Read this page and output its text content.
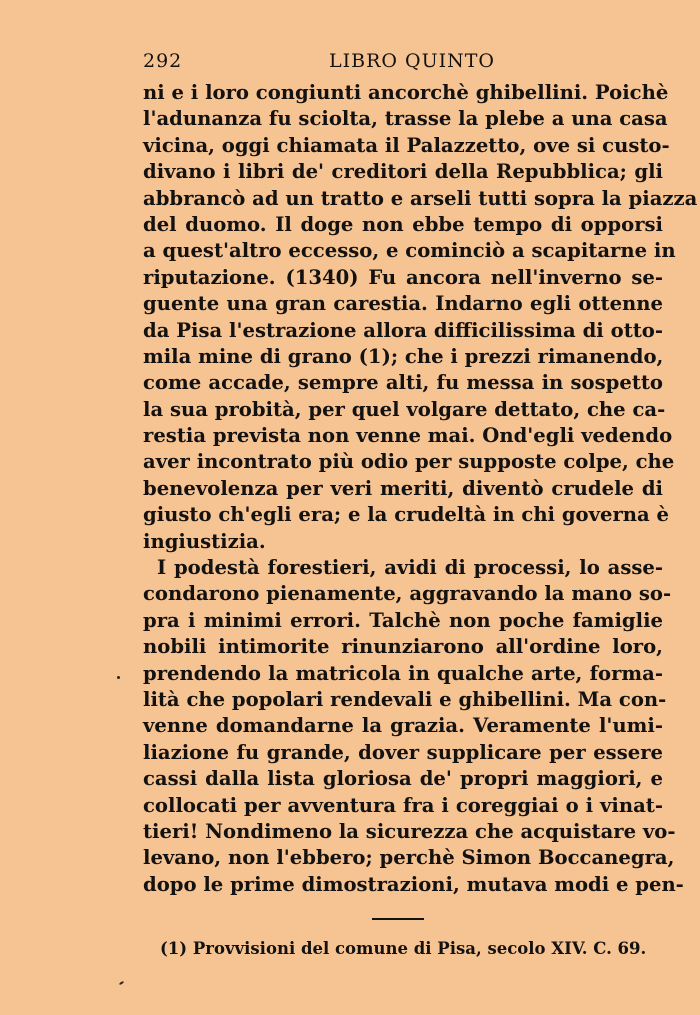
292	LIBRO QUINTO
ni e i loro congiunti ancorchè ghibellini. Poichè
l'adunanza fu sciolta, trasse la plebe a una casa
vicina, oggi chiamata il Palazzetto, ove si custo-
divano i libri de' creditori della Repubblica; gli
abbrancò ad un tratto e arseli tutti sopra la piazza
del duomo. Il doge non ebbe tempo di opporsi
a quest'altro eccesso, e cominciò a scapitarne in
riputazione. (1340) Fu ancora nell'inverno se-
guente una gran carestia. Indarno egli ottenne
da Pisa l'estrazione allora difficilissima di otto-
mila mine di grano (1); che i prezzi rimanendo,
come accade, sempre alti, fu messa in sospetto
la sua probità, per quel volgare dettato, che ca-
restia prevista non venne mai. Ond'egli vedendo
aver incontrato più odio per supposte colpe, che
benevolenza per veri meriti, diventò crudele di
giusto ch'egli era; e la crudeltà in chi governa è
ingiustizia.
I podestà forestieri, avidi di processi, lo asse-
condarono pienamente, aggravando la mano so-
pra i minimi errori. Talchè non poche famiglie
nobili intimorite rinunziarono all'ordine loro,
prendendo la matricola in qualche arte, forma-
lità che popolari rendevali e ghibellini. Ma con-
venne domandarne la grazia. Veramente l'umi-
liazione fu grande, dover supplicare per essere
cassi dalla lista gloriosa de' propri maggiori, e
collocati per avventura fra i coreggiai o i vinat-
tieri! Nondimeno la sicurezza che acquistare vo-
levano, non l'ebbero; perchè Simon Boccanegra,
dopo le prime dimostrazioni, mutava modi e pen-
(1) Provvisioni del comune di Pisa, secolo XIV. C. 69.
